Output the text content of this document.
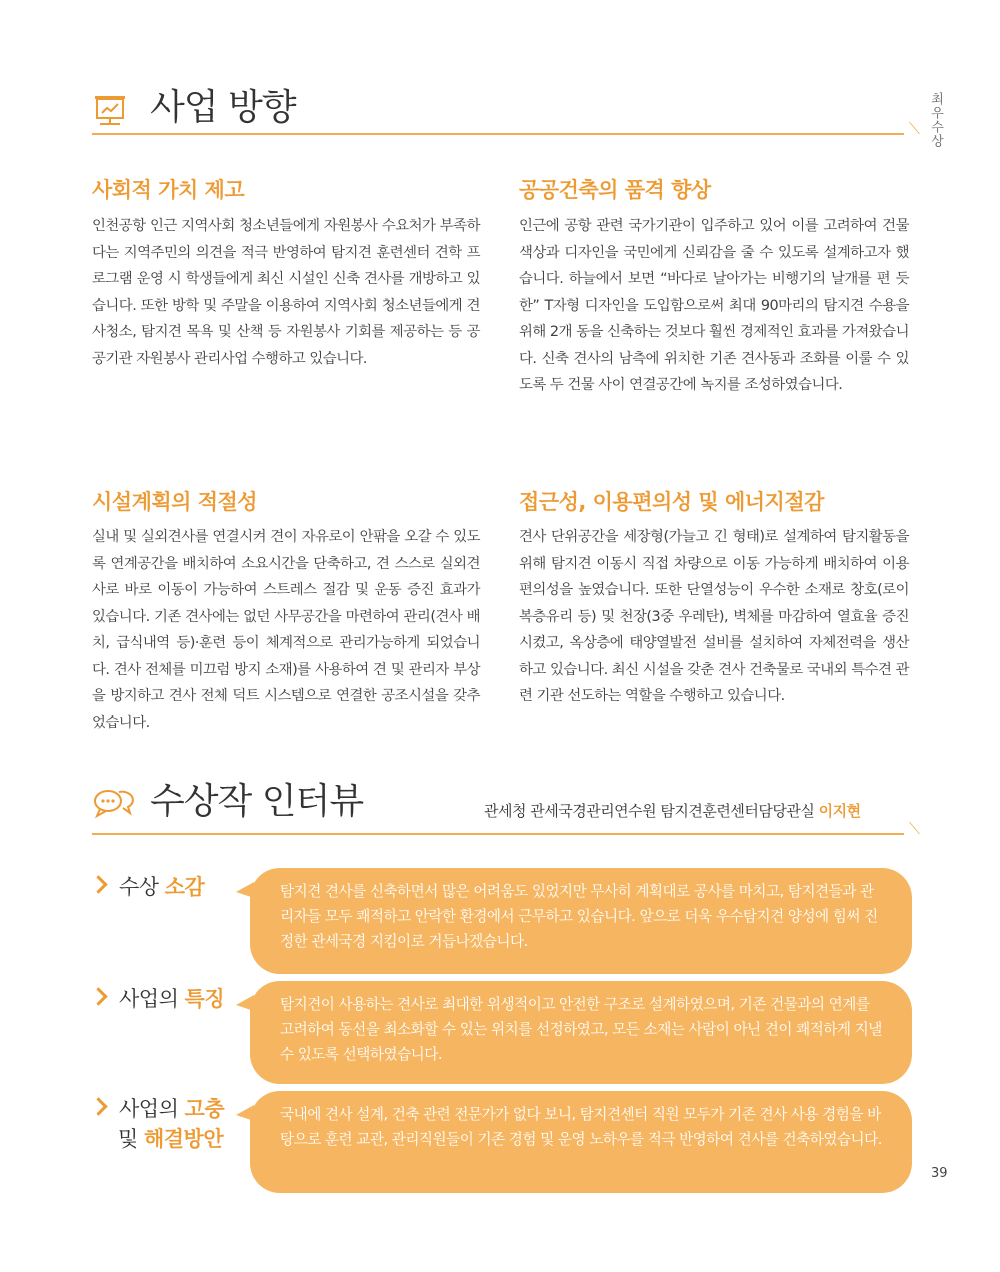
최우수상
사업 방향
사회적 가치 제고
인천공항 인근 지역사회 청소년들에게 자원봉사 수요처가 부족하다는 지역주민의 의견을 적극 반영하여 탐지견 훈련센터 견학 프로그램 운영 시 학생들에게 최신 시설인 신축 견사를 개방하고 있습니다. 또한 방학 및 주말을 이용하여 지역사회 청소년들에게 견사청소, 탐지견 목욕 및 산책 등 자원봉사 기회를 제공하는 등 공공기관 자원봉사 관리사업 수행하고 있습니다.
공공건축의 품격 향상
인근에 공항 관련 국가기관이 입주하고 있어 이를 고려하여 건물 색상과 디자인을 국민에게 신뢰감을 줄 수 있도록 설계하고자 했습니다. 하늘에서 보면 “바다로 날아가는 비행기의 날개를 편 듯한” T자형 디자인을 도입함으로써 최대 90마리의 탐지견 수용을 위해 2개 동을 신축하는 것보다 훨씬 경제적인 효과를 가져왔습니다. 신축 견사의 남측에 위치한 기존 견사동과 조화를 이룰 수 있도록 두 건물 사이 연결공간에 녹지를 조성하였습니다.
시설계획의 적절성
실내 및 실외견사를 연결시켜 견이 자유로이 안팎을 오갈 수 있도록 연계공간을 배치하여 소요시간을 단축하고, 견 스스로 실외견사로 바로 이동이 가능하여 스트레스 절감 및 운동 증진 효과가 있습니다. 기존 견사에는 없던 사무공간을 마련하여 관리(견사 배치, 급식내역 등)·훈련 등이 체계적으로 관리가능하게 되었습니다. 견사 전체를 미끄럼 방지 소재)를 사용하여 견 및 관리자 부상을 방지하고 견사 전체 덕트 시스템으로 연결한 공조시설을 갖추었습니다.
접근성, 이용편의성 및 에너지절감
견사 단위공간을 세장형(가늘고 긴 형태)로 설계하여 탐지활동을 위해 탐지견 이동시 직접 차량으로 이동 가능하게 배치하여 이용 편의성을 높였습니다. 또한 단열성능이 우수한 소재로 창호(로이복층유리 등) 및 천장(3중 우레탄), 벽체를 마감하여 열효율 증진시켰고, 옥상층에 태양열발전 설비를 설치하여 자체전력을 생산하고 있습니다. 최신 시설을 갖춘 견사 건축물로 국내외 특수견 관련 기관 선도하는 역할을 수행하고 있습니다.
수상작 인터뷰	관세청 관세국경관리연수원 탐지견훈련센터담당관실 이지현
수상 소감	탐지견 견사를 신축하면서 많은 어려움도 있었지만 무사히 계획대로 공사를 마치고, 탐지견들과 관리자들 모두 쾌적하고 안락한 환경에서 근무하고 있습니다. 앞으로 더욱 우수탐지견 양성에 힘써 진정한 관세국경 지킴이로 거듭나겠습니다.
사업의 특징	탐지견이 사용하는 견사로 최대한 위생적이고 안전한 구조로 설계하였으며, 기존 건물과의 연계를 고려하여 동선을 최소화할 수 있는 위치를 선정하였고, 모든 소재는 사람이 아닌 견이 쾌적하게 지낼 수 있도록 선택하였습니다.
사업의 고충
및 해결방안
국내에 견사 설계, 건축 관련 전문가가 없다 보니, 탐지견센터 직원 모두가 기존 견사 사용 경험을 바탕으로 훈련 교관, 관리직원들이 기존 경험 및 운영 노하우를 적극 반영하여 견사를 건축하였습니다.
39
